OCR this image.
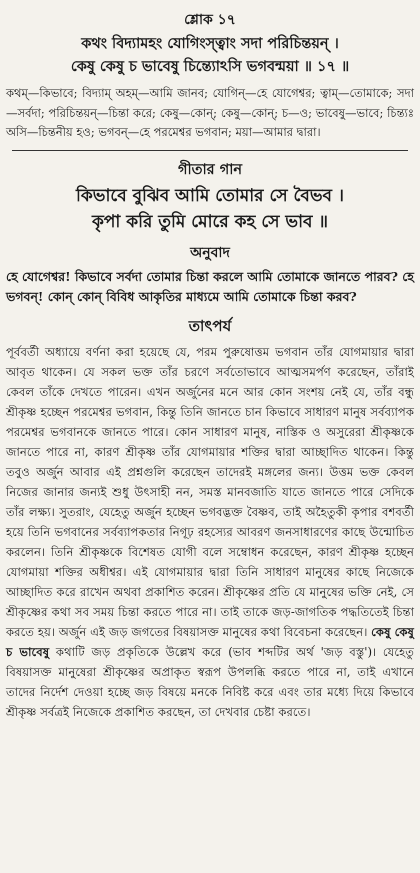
শ্লোক ১৭
কথং বিদ্যামহং যোগিংস্ত্বাং সদা পরিচিন্তয়ন্ ।
কেষু কেষু চ ভাবেষু চিন্ত্যোঽসি ভগবন্ময়া ॥ ১৭ ॥
কথম্—কিভাবে; বিদ্যাম্ অহম্—আমি জানব; যোগিন্—হে যোগেশ্বর; ত্বাম্—তোমাকে; সদা—সর্বদা; পরিচিন্তয়ন্—চিন্তা করে; কেষু—কোন্; কেষু—কোন্; চ—ও; ভাবেষু—ভাবে; চিন্ত্যঃ অসি—চিন্তনীয় হও; ভগবন্—হে পরমেশ্বর ভগবান; ময়া—আমার দ্বারা।
গীতার গান
কিভাবে বুঝিব আমি তোমার সে বৈভব ।
কৃপা করি তুমি মোরে কহ সে ভাব ॥
অনুবাদ
হে যোগেশ্বর! কিভাবে সর্বদা তোমার চিন্তা করলে আমি তোমাকে জানতে পারব? হে ভগবন্! কোন্ কোন্ বিবিধ আকৃতির মাধ্যমে আমি তোমাকে চিন্তা করব?
তাৎপর্য
পূর্ববর্তী অধ্যায়ে বর্ণনা করা হয়েছে যে, পরম পুরুষোত্তম ভগবান তাঁর যোগমায়ার দ্বারা আবৃত থাকেন। যে সকল ভক্ত তাঁর চরণে সর্বতোভাবে আত্মসমর্পণ করেছেন, তাঁরাই কেবল তাঁকে দেখতে পারেন। এখন অর্জুনের মনে আর কোন সংশয় নেই যে, তাঁর বন্ধু শ্রীকৃষ্ণ হচ্ছেন পরমেশ্বর ভগবান, কিন্তু তিনি জানতে চান কিভাবে সাধারণ মানুষ সর্বব্যাপক পরমেশ্বর ভগবানকে জানতে পারে। কোন সাধারণ মানুষ, নাস্তিক ও অসুরেরা শ্রীকৃষ্ণকে জানতে পারে না, কারণ শ্রীকৃষ্ণ তাঁর যোগমায়ার শক্তির দ্বারা আচ্ছাদিত থাকেন। কিন্তু তবুও অর্জুন আবার এই প্রশ্নগুলি করেছেন তাদেরই মঙ্গলের জন্য। উত্তম ভক্ত কেবল নিজের জানার জন্যই শুধু উৎসাহী নন, সমস্ত মানবজাতি যাতে জানতে পারে সেদিকে তাঁর লক্ষ্য। সুতরাং, যেহেতু অর্জুন হচ্ছেন ভগবদ্ভক্ত বৈষ্ণব, তাই অহৈতুকী কৃপার বশবর্তী হয়ে তিনি ভগবানের সর্বব্যাপকতার নিগূঢ় রহস্যের আবরণ জনসাধারণের কাছে উন্মোচিত করলেন। তিনি শ্রীকৃষ্ণকে বিশেষত যোগী বলে সম্বোধন করেছেন, কারণ শ্রীকৃষ্ণ হচ্ছেন যোগমায়া শক্তির অধীশ্বর। এই যোগমায়ার দ্বারা তিনি সাধারণ মানুষের কাছে নিজেকে আচ্ছাদিত করে রাখেন অথবা প্রকাশিত করেন। শ্রীকৃষ্ণের প্রতি যে মানুষের ভক্তি নেই, সে শ্রীকৃষ্ণের কথা সব সময় চিন্তা করতে পারে না। তাই তাকে জড়-জাগতিক পদ্ধতিতেই চিন্তা করতে হয়। অর্জুন এই জড় জগতের বিষয়াসক্ত মানুষের কথা বিবেচনা করেছেন। কেষু কেষু চ ভাবেষু কথাটি জড় প্রকৃতিকে উল্লেখ করে (ভাব শব্দটির অর্থ 'জড় বস্তু')। যেহেতু বিষয়াসক্ত মানুষেরা শ্রীকৃষ্ণের অপ্রাকৃত স্বরূপ উপলব্ধি করতে পারে না, তাই এখানে তাদের নির্দেশ দেওয়া হচ্ছে জড় বিষয়ে মনকে নিবিষ্ট করে এবং তার মধ্যে দিয়ে কিভাবে শ্রীকৃষ্ণ সর্বত্রই নিজেকে প্রকাশিত করছেন, তা দেখবার চেষ্টা করতে।
